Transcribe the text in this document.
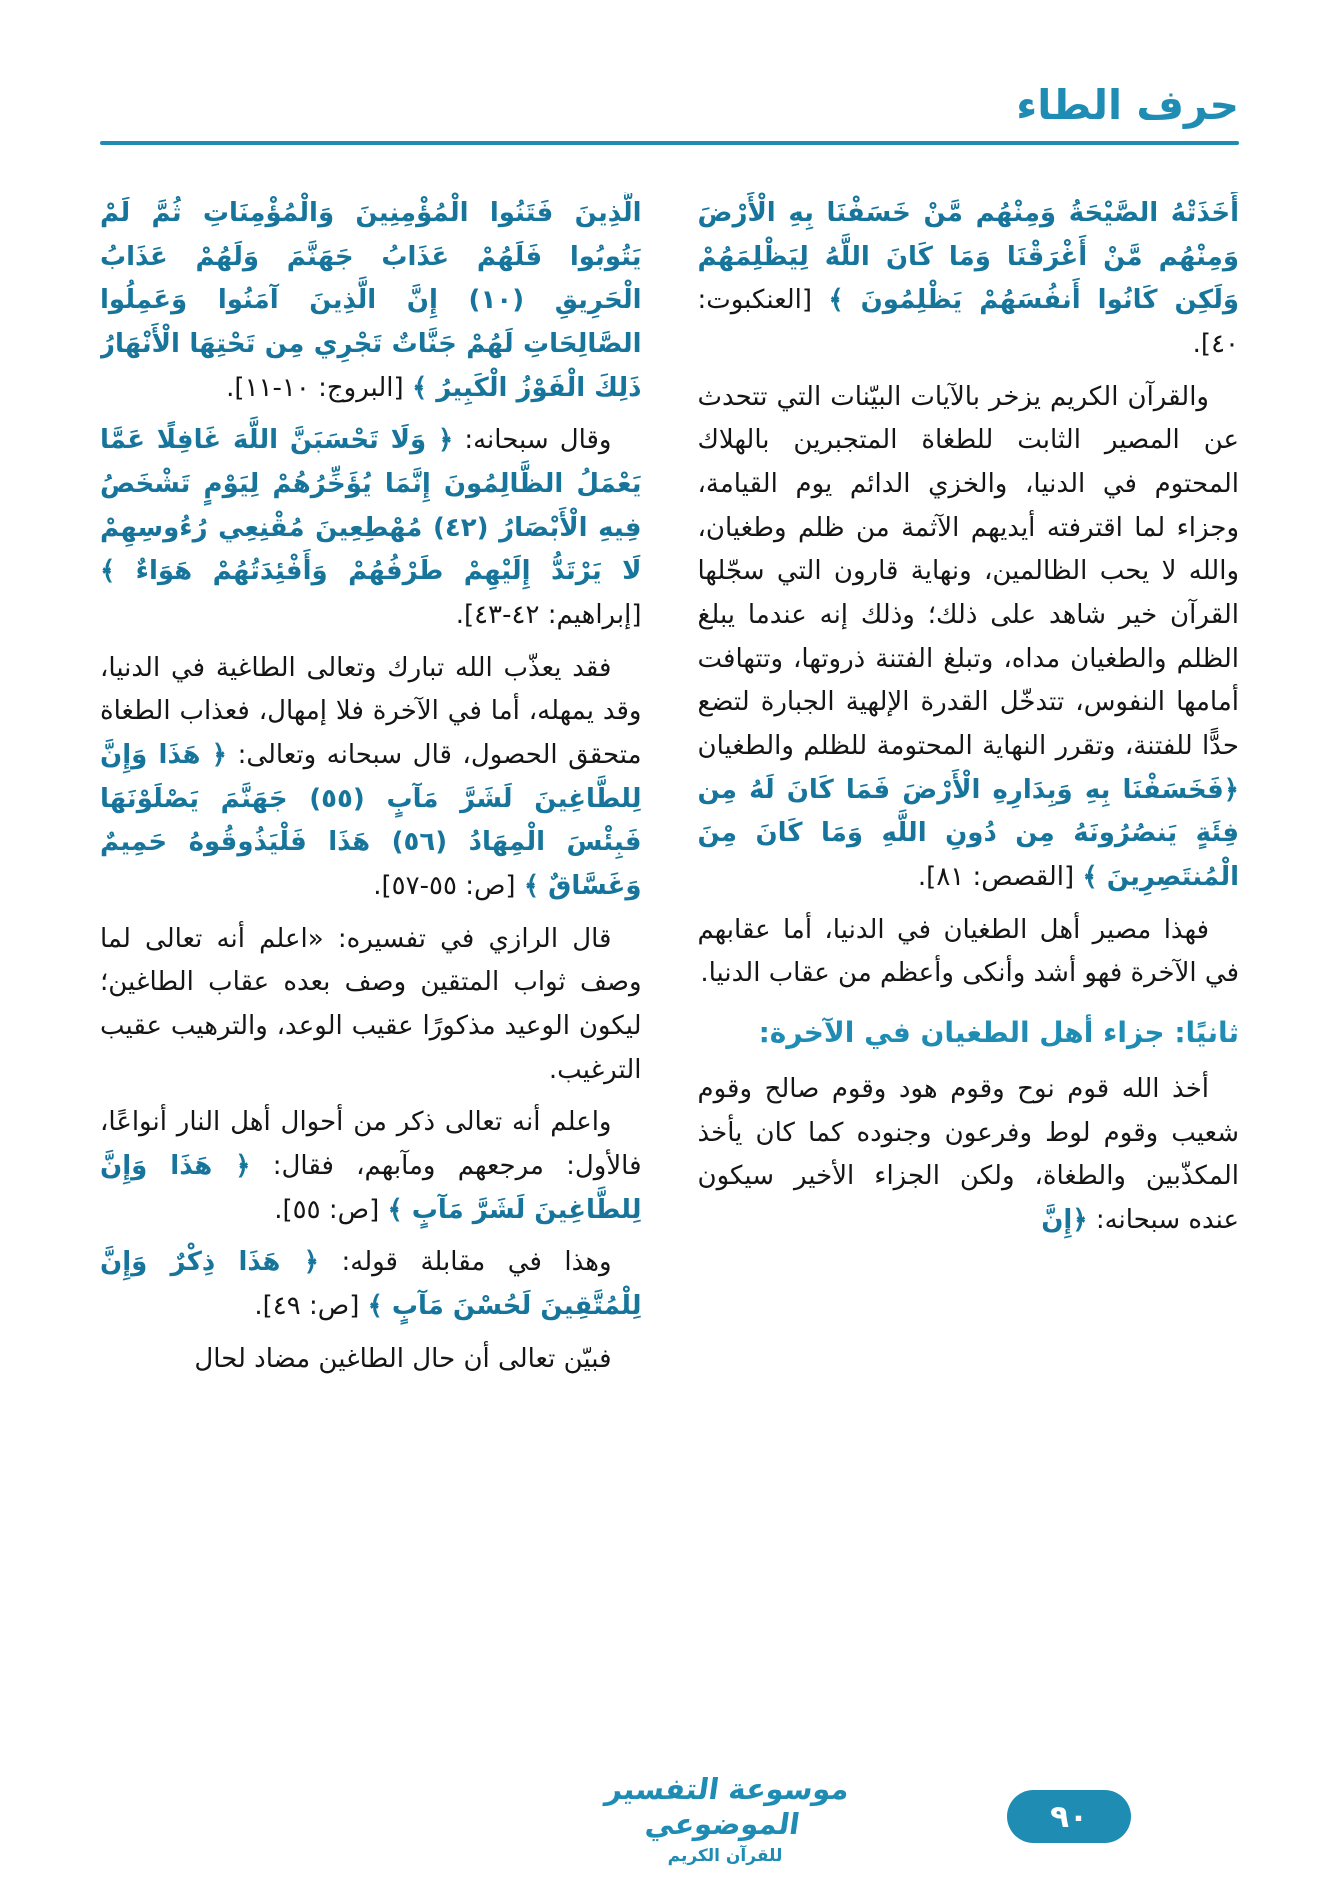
حرف الطاء

أَخَذَتْهُ الصَّيْحَةُ وَمِنْهُم مَّنْ خَسَفْنَا بِهِ الْأَرْضَ وَمِنْهُم مَّنْ أَغْرَقْنَا وَمَا كَانَ اللَّهُ لِيَظْلِمَهُمْ وَلَكِن كَانُوا أَنفُسَهُمْ يَظْلِمُونَ ﴾ [العنكبوت: ٤٠].

والقرآن الكريم يزخر بالآيات البيّنات التي تتحدث عن المصير الثابت للطغاة المتجبرين بالهلاك المحتوم في الدنيا، والخزي الدائم يوم القيامة، وجزاء لما اقترفته أيديهم الآثمة من ظلم وطغيان، والله لا يحب الظالمين، ونهاية قارون التي سجّلها القرآن خير شاهد على ذلك؛ وذلك إنه عندما يبلغ الظلم والطغيان مداه، وتبلغ الفتنة ذروتها، وتتهافت أمامها النفوس، تتدخّل القدرة الإلهية الجبارة لتضع حدًّا للفتنة، وتقرر النهاية المحتومة للظلم والطغيان ﴿فَخَسَفْنَا بِهِ وَبِدَارِهِ الْأَرْضَ فَمَا كَانَ لَهُ مِن فِئَةٍ يَنصُرُونَهُ مِن دُونِ اللَّهِ وَمَا كَانَ مِنَ الْمُنتَصِرِينَ ﴾ [القصص: ٨١].

فهذا مصير أهل الطغيان في الدنيا، أما عقابهم في الآخرة فهو أشد وأنكى وأعظم من عقاب الدنيا.

ثانيًا: جزاء أهل الطغيان في الآخرة:

أخذ الله قوم نوح وقوم هود وقوم صالح وقوم شعيب وقوم لوط وفرعون وجنوده كما كان يأخذ المكذّبين والطغاة، ولكن الجزاء الأخير سيكون عنده سبحانه: ﴿إِنَّ

الَّذِينَ فَتَنُوا الْمُؤْمِنِينَ وَالْمُؤْمِنَاتِ ثُمَّ لَمْ يَتُوبُوا فَلَهُمْ عَذَابُ جَهَنَّمَ وَلَهُمْ عَذَابُ الْحَرِيقِ (١٠) إِنَّ الَّذِينَ آمَنُوا وَعَمِلُوا الصَّالِحَاتِ لَهُمْ جَنَّاتٌ تَجْرِي مِن تَحْتِهَا الْأَنْهَارُ ذَلِكَ الْفَوْزُ الْكَبِيرُ ﴾ [البروج: ١٠-١١].

وقال سبحانه: ﴿ وَلَا تَحْسَبَنَّ اللَّهَ غَافِلًا عَمَّا يَعْمَلُ الظَّالِمُونَ إِنَّمَا يُؤَخِّرُهُمْ لِيَوْمٍ تَشْخَصُ فِيهِ الْأَبْصَارُ (٤٢) مُهْطِعِينَ مُقْنِعِي رُءُوسِهِمْ لَا يَرْتَدُّ إِلَيْهِمْ طَرْفُهُمْ وَأَفْئِدَتُهُمْ هَوَاءٌ ﴾ [إبراهيم: ٤٢-٤٣].

فقد يعذّب الله تبارك وتعالى الطاغية في الدنيا، وقد يمهله، أما في الآخرة فلا إمهال، فعذاب الطغاة متحقق الحصول، قال سبحانه وتعالى: ﴿ هَذَا وَإِنَّ لِلطَّاغِينَ لَشَرَّ مَآبٍ (٥٥) جَهَنَّمَ يَصْلَوْنَهَا فَبِئْسَ الْمِهَادُ (٥٦) هَذَا فَلْيَذُوقُوهُ حَمِيمٌ وَغَسَّاقٌ ﴾ [ص: ٥٥-٥٧].

قال الرازي في تفسيره: «اعلم أنه تعالى لما وصف ثواب المتقين وصف بعده عقاب الطاغين؛ ليكون الوعيد مذكورًا عقيب الوعد، والترهيب عقيب الترغيب.

واعلم أنه تعالى ذكر من أحوال أهل النار أنواعًا، فالأول: مرجعهم ومآبهم، فقال: ﴿ هَذَا وَإِنَّ لِلطَّاغِينَ لَشَرَّ مَآبٍ ﴾ [ص: ٥٥].

وهذا في مقابلة قوله: ﴿ هَذَا ذِكْرٌ وَإِنَّ لِلْمُتَّقِينَ لَحُسْنَ مَآبٍ ﴾ [ص: ٤٩].

فبيّن تعالى أن حال الطاغين مضاد لحال

موسوعة التفسير الموضوعي
للقرآن الكريم
٩٠
